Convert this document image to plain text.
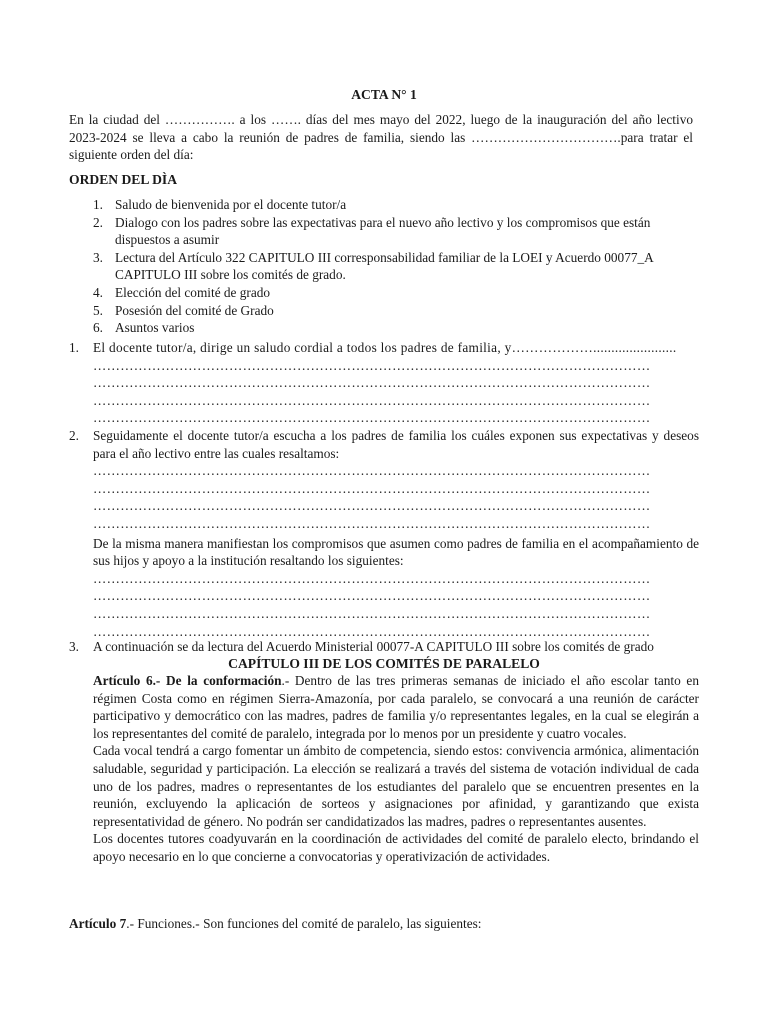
ACTA N° 1
En la ciudad del ……………. a los ……. días del mes mayo del 2022, luego de la inauguración del año lectivo 2023-2024 se lleva a cabo la reunión de padres de familia, siendo las …………………………….para tratar el siguiente orden del día:
ORDEN DEL DÌA
1. Saludo de bienvenida por el docente tutor/a
2. Dialogo con los padres sobre las expectativas para el nuevo año lectivo y los compromisos que están dispuestos a asumir
3. Lectura del Artículo 322 CAPITULO III corresponsabilidad familiar de la LOEI y Acuerdo 00077_A CAPITULO III sobre los comités de grado.
4. Elección del comité de grado
5. Posesión del comité de Grado
6. Asuntos varios
1. El docente tutor/a, dirige un saludo cordial a todos los padres de familia, y……………….......................
……………………………………………………………………………………………………………
……………………………………………………………………………………………………………
……………………………………………………………………………………………………………
……………………………………………………………………………………………………………
2. Seguidamente el docente tutor/a escucha a los padres de familia los cuáles exponen sus expectativas y deseos para el año lectivo entre las cuales resaltamos:
……………………………………………………………………………………………………………
……………………………………………………………………………………………………………
……………………………………………………………………………………………………………
……………………………………………………………………………………………………………
De la misma manera manifiestan los compromisos que asumen como padres de familia en el acompañamiento de sus hijos y apoyo a la institución resaltando los siguientes:
……………………………………………………………………………………………………………
……………………………………………………………………………………………………………
……………………………………………………………………………………………………………
……………………………………………………………………………………………………………
3. A continuación se da lectura del Acuerdo Ministerial 00077-A CAPITULO III sobre los comités de grado
CAPÍTULO III DE LOS COMITÉS DE PARALELO
Artículo 6.- De la conformación.- Dentro de las tres primeras semanas de iniciado el año escolar tanto en régimen Costa como en régimen Sierra-Amazonía, por cada paralelo, se convocará a una reunión de carácter participativo y democrático con las madres, padres de familia y/o representantes legales, en la cual se elegirán a los representantes del comité de paralelo, integrada por lo menos por un presidente y cuatro vocales.
Cada vocal tendrá a cargo fomentar un ámbito de competencia, siendo estos: convivencia armónica, alimentación saludable, seguridad y participación. La elección se realizará a través del sistema de votación individual de cada uno de los padres, madres o representantes de los estudiantes del paralelo que se encuentren presentes en la reunión, excluyendo la aplicación de sorteos y asignaciones por afinidad, y garantizando que exista representatividad de género. No podrán ser candidatizados las madres, padres o representantes ausentes.
Los docentes tutores coadyuvarán en la coordinación de actividades del comité de paralelo electo, brindando el apoyo necesario en lo que concierne a convocatorias y operativización de actividades.
Artículo 7.- Funciones.- Son funciones del comité de paralelo, las siguientes:
